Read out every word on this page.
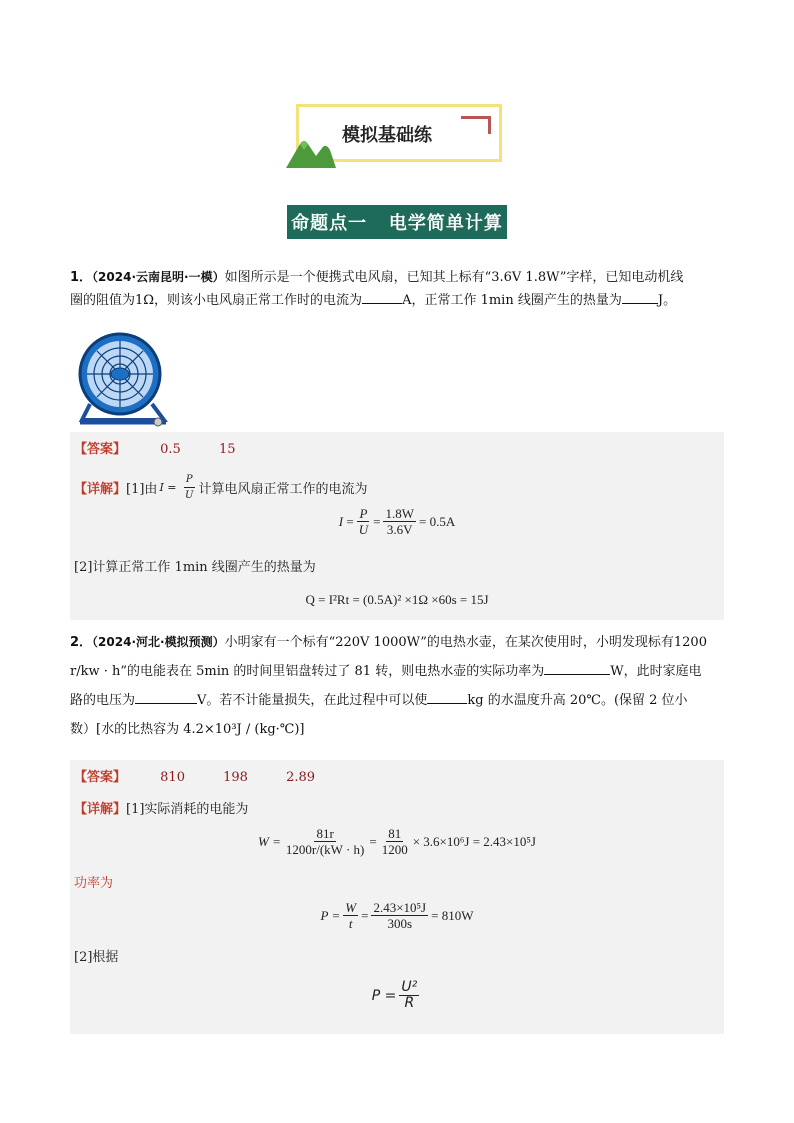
模拟基础练
命题点一   电学简单计算
1．（2024·云南昆明·一模）如图所示是一个便携式电风扇，已知其上标有“3.6V 1.8W”字样，已知电动机线
圈的阻值为1Ω，则该小电风扇正常工作时的电流为	A，正常工作 1min 线圈产生的热量为	J。
【答案】	0.5	15
【详解】 [1]由 $I = \frac{P}{U}$ 计算电风扇正常工作的电流为
$I = \frac{P}{U} = \frac{1.8W}{3.6V} = 0.5A$
[2]计算正常工作 1min 线圈产生的热量为
Q = I²Rt = (0.5A)² ×1Ω ×60s = 15J
2．（2024·河北·模拟预测）小明家有一个标有“220V 1000W”的电热水壶，在某次使用时，小明发现标有1200
r/kw · h”的电能表在 5min 的时间里铝盘转过了 81 转，则电热水壶的实际功率为	W，此时家庭电
路的电压为	V。若不计能量损失，在此过程中可以使	kg 的水温度升高 20℃。(保留 2 位小
数）[水的比热容为 4.2×10³J / (kg·℃)]
【答案】	810	198	2.89
【详解】[1]实际消耗的电能为
$W = \frac{81r}{1200r/(kW \cdot h)} = \frac{81}{1200} \times 3.6\times 10^6J = 2.43\times 10^5J$
功率为
$P = \frac{W}{t} = \frac{\text{2.43×10⁵J}}{300s} = 810W$
[2]根据
$P = \frac{\text{U²}}{R}$
